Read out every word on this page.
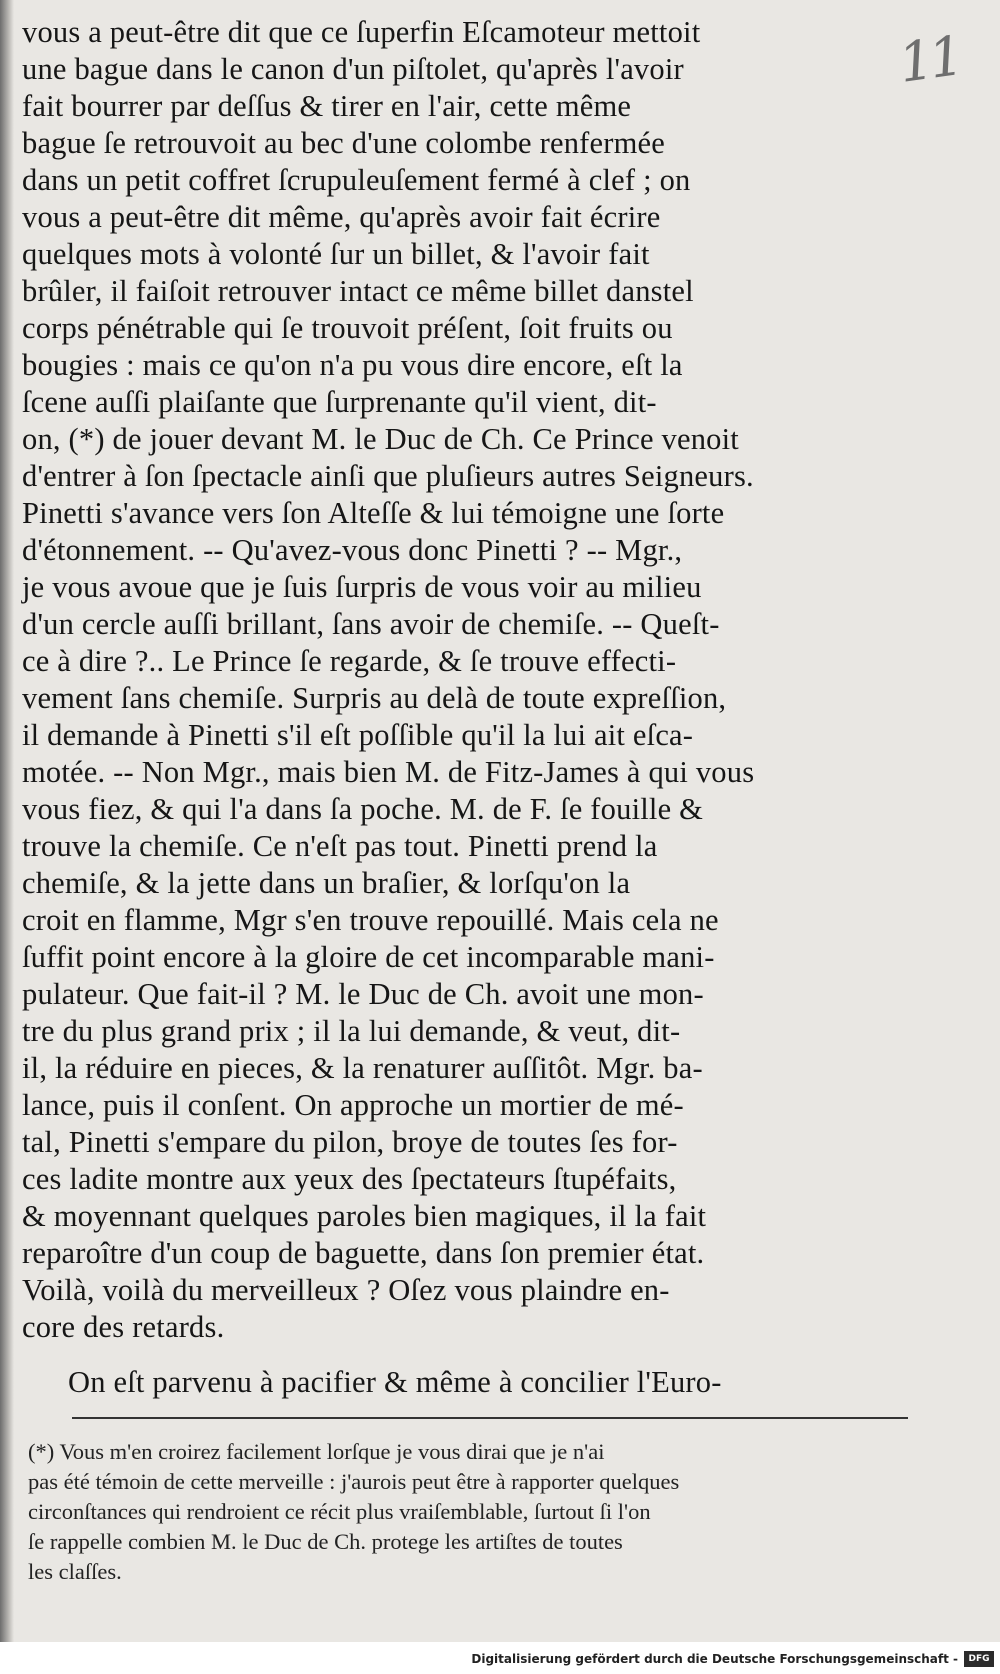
11
vous a peut-être dit que ce ſuperfin Eſcamoteur mettoit
une bague dans le canon d'un piſtolet, qu'après l'avoir
fait bourrer par deſſus & tirer en l'air, cette même
bague ſe retrouvoit au bec d'une colombe renfermée
dans un petit coffret ſcrupuleuſement fermé à clef ; on
vous a peut-être dit même, qu'après avoir fait écrire
quelques mots à volonté ſur un billet, & l'avoir fait
brûler, il faiſoit retrouver intact ce même billet danstel
corps pénétrable qui ſe trouvoit préſent, ſoit fruits ou
bougies : mais ce qu'on n'a pu vous dire encore, eſt la
ſcene auſſi plaiſante que ſurprenante qu'il vient, dit-
on, (*) de jouer devant M. le Duc de Ch. Ce Prince venoit
d'entrer à ſon ſpectacle ainſi que pluſieurs autres Seigneurs.
Pinetti s'avance vers ſon Alteſſe & lui témoigne une ſorte
d'étonnement. -- Qu'avez-vous donc Pinetti ? -- Mgr.,
je vous avoue que je ſuis ſurpris de vous voir au milieu
d'un cercle auſſi brillant, ſans avoir de chemiſe. -- Queſt-
ce à dire ?.. Le Prince ſe regarde, & ſe trouve effecti-
vement ſans chemiſe. Surpris au delà de toute expreſſion,
il demande à Pinetti s'il eſt poſſible qu'il la lui ait eſca-
motée. -- Non Mgr., mais bien M. de Fitz-James à qui vous
vous fiez, & qui l'a dans ſa poche. M. de F. ſe fouille &
trouve la chemiſe. Ce n'eſt pas tout. Pinetti prend la
chemiſe, & la jette dans un braſier, & lorſqu'on la
croit en flamme, Mgr s'en trouve repouillé. Mais cela ne
ſuffit point encore à la gloire de cet incomparable mani-
pulateur. Que fait-il ? M. le Duc de Ch. avoit une mon-
tre du plus grand prix ; il la lui demande, & veut, dit-
il, la réduire en pieces, & la renaturer auſſitôt. Mgr. ba-
lance, puis il conſent. On approche un mortier de mé-
tal, Pinetti s'empare du pilon, broye de toutes ſes for-
ces ladite montre aux yeux des ſpectateurs ſtupéfaits,
& moyennant quelques paroles bien magiques, il la fait
reparoître d'un coup de baguette, dans ſon premier état.
Voilà, voilà du merveilleux ? Oſez vous plaindre en-
core des retards.
On eſt parvenu à pacifier & même à concilier l'Euro-
(*) Vous m'en croirez facilement lorſque je vous dirai que je n'ai
pas été témoin de cette merveille : j'aurois peut être à rapporter quelques
circonſtances qui rendroient ce récit plus vraiſemblable, ſurtout ſi l'on
ſe rappelle combien M. le Duc de Ch. protege les artiſtes de toutes
les claſſes.
Digitalisierung gefördert durch die Deutsche Forschungsgemeinschaft -	DFG
